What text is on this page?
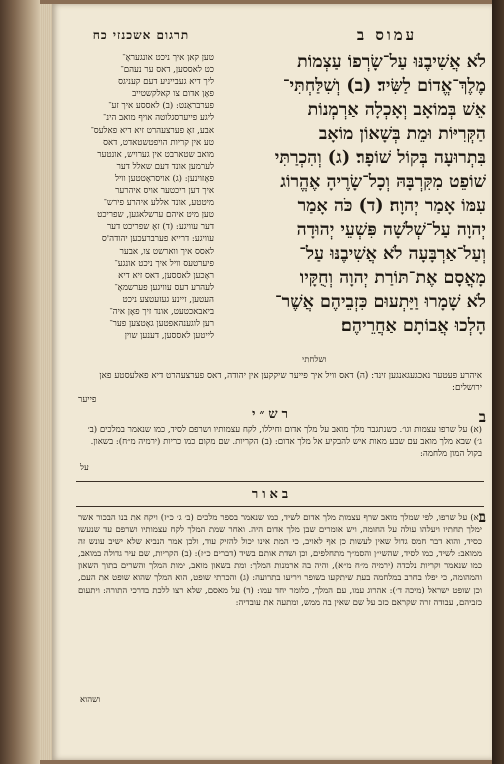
תרגום אשכנזי כח	עמוס ב

לֹא אֲשִׁיבֶנּוּ עַל־שָׂרְפוֹ עַצְמוֹת

מֶלֶךְ־אֱדוֹם לַשִּׂיד׃ (ב) וְשִׁלַּחְתִּי־

אֵשׁ בְּמוֹאָב וְאָכְלָה אַרְמְנוֹת

הַקְּרִיּוֹת וּמֵת בְּשָׁאוֹן מוֹאָב

בִּתְרוּעָה בְּקוֹל שׁוֹפָר׃ (ג) וְהִכְרַתִּי

שׁוֹפֵט מִקִּרְבָּהּ וְכָל־שָׂרֶיהָ אֶהֱרוֹג

עִמּוֹ אָמַר יְהוָה׃ (ד) כֹּה אָמַר

יְהוָה עַל־שְׁלֹשָׁה פִּשְׁעֵי יְהוּדָה

וְעַל־אַרְבָּעָה לֹא אֲשִׁיבֶנּוּ עַל־

מָאֳסָם אֶת־תּוֹרַת יְהוָה וְחֻקָּיו

לֹא שָׁמָרוּ וַיַּתְעוּם כִּזְבֵיהֶם אֲשֶׁר־

הָלְכוּ אֲבוֹתָם אַחֲרֵיהֶם׃

ושלחתי

טען קאן איך ניכט אונגעראָ־

כט לאססען, דאס ער נעהם־

ליך דיא געבייניע דעם קעניגס

פאָן אדום צו קאלקשטייב

פערבראַנט: (ב) לאססע איך זע־

ליגע פייערסגלוטה אויף מואב הינ־

אבע, זאָ פערצעהרט זיא דיא פאלעס־

טע אין קריות הויפטשטאדט, דאס

מואב שטארבט אין גערויש, אונטער

לערמען אונד דעם שאלל דער

פאָזוינען: (ג) אויסראָטטען וויל

איך דען ריכטער אויס איהרער

מיטטע, אונד אללע איהרע פירש־

טען מיט איהם ערשלאגען, שפריכט

דער עוויגע: (ד) זאָ שפריכט דער

עוויגע: דרייא פערברעכען יהודה'ס

לאסס איך ווארשט צו, אבער

פיערטעס וויל איך ניכט אונגע־

ראָכען לאססען, דאס זיא דיא

לעהרע דעס עוויגען פערשמאָ־

העטען, זיינע געזעטצע ניכט

ביאבאכטעט, אונד זיך פאָן איה־

רען לוגענהאפטען גאָטצען פער־

לייטען לאססען, דענען שוין

איהרע פעטער נאכגעגאנגען זינד: (ה) דאס וויל איך פייער שיקקען אין יהודה, דאס פערצעהרט דיא פאלעסטע פאן ירושלים:

פייער

רש״י	ב

(א) על שרפו עצמות וגו׳. כשנתגבר מלך מואב על מלך אדום וחיללו, לקח עצמותיו ושרפם לסיד, כמו שנאמר במלכים (ב׳ ג׳) שבא מלך מואב עם שבע מאות איש להבקיע אל מלך אדום: (ב) הקריות. שם מקום כמו כריות (ירמיה מ״ח): בשאון. בקול המון מלחמה:

על
באור
ב

(א) על שרפו, לפי שמלך מואב שרף עצמות מלך אדום לשיד, כמו שנאמר בספר מלכים (ב׳ ג׳ כ״ז) ויקח את בנו הבכור אשר ימלך תחתיו ויעלהו עולה על החומה, ויש אומרים שבן מלך אדום היה. ואחר שמת המלך לקח עצמותיו ושרפם עד שנעשו כסיד, והוא דבר חמס גדול שאין לעשות כן אף לאויב, כי המת אינו יכול להזיק עוד, ולכן אמר הנביא שלא ישיב עונש זה ממואב: לשיד, כמו לסיד, שהשי״ן והסמ״ך מתחלפים, וכן ושדת אותם בשיד (דברים כ״ז): (ב) הקריות, שם עיר גדולה במואב, כמו שנאמר וקריות נלכדה (ירמיה מ״ח מ״א), והיה בה ארמנות המלך: ומת בשאון מואב, ימות המלך והשרים בתוך השאון והמהומה, כי יפלו בחרב במלחמה בעת שיתקעו בשופר ויריעו בתרועה: (ג) והכרתי שופט, הוא המלך שהוא שופט את העם, וכן שופט ישראל (מיכה ד׳): אהרוג עמו, עם המלך, כלומר יחד עמו: (ד) על מאסם, שלא רצו ללכת בדרכי התורה: ויתעום כזביהם, עבודה זרה שקראם כזב על שם שאין בה ממש, ומתעה את עובדיה:

ושהוא
